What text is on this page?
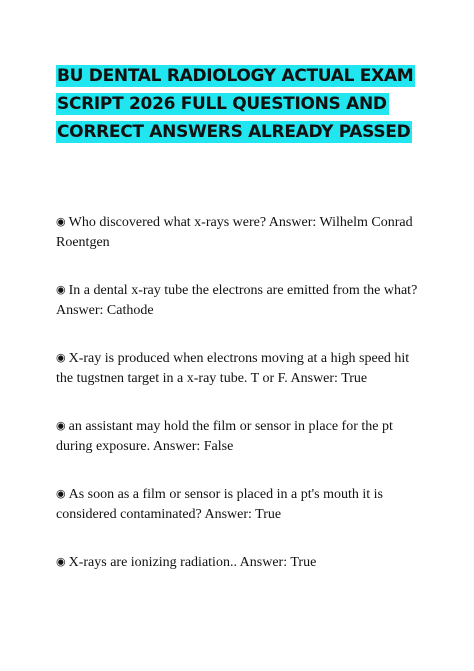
BU DENTAL RADIOLOGY ACTUAL EXAM SCRIPT 2026 FULL QUESTIONS AND CORRECT ANSWERS ALREADY PASSED

◉ Who discovered what x-rays were? Answer: Wilhelm Conrad Roentgen

◉ In a dental x-ray tube the electrons are emitted from the what? Answer: Cathode

◉ X-ray is produced when electrons moving at a high speed hit the tugstnen target in a x-ray tube. T or F. Answer: True

◉ an assistant may hold the film or sensor in place for the pt during exposure. Answer: False

◉ As soon as a film or sensor is placed in a pt's mouth it is considered contaminated? Answer: True

◉ X-rays are ionizing radiation.. Answer: True
